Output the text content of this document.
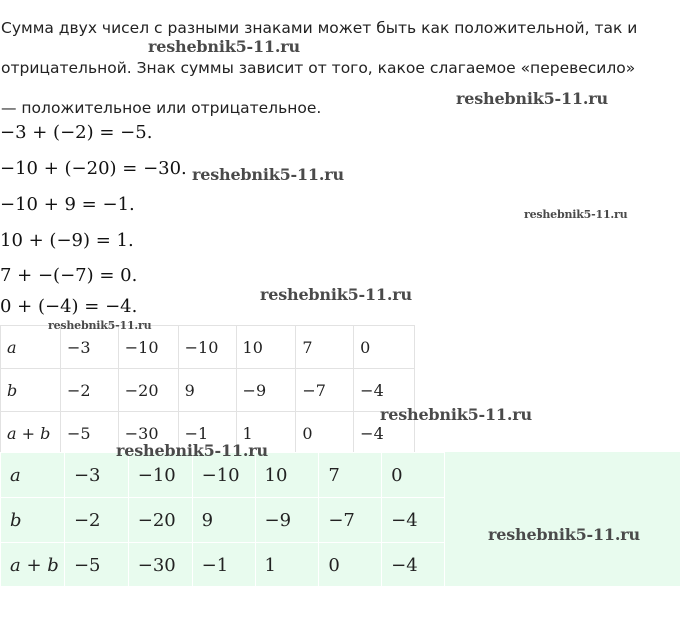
Сумма двух чисел с разными знаками может быть как положительной, так и
отрицательной. Знак суммы зависит от того, какое слагаемое «перевесило»
— положительное или отрицательное.

−3 + (−2) = −5.

−10 + (−20) = −30.

−10 + 9 = −1.

10 + (−9) = 1.

7 + −(−7) = 0.

0 + (−4) = −4.

a	−3	−10	−10	10	7	0
b	−2	−20	9	−9	−7	−4
a + b	−5	−30	−1	1	0	−4
a	−3	−10	−10	10	7	0
b	−2	−20	9	−9	−7	−4
a + b	−5	−30	−1	1	0	−4
reshebnik5-11.ru
reshebnik5-11.ru
reshebnik5-11.ru
reshebnik5-11.ru
reshebnik5-11.ru
reshebnik5-11.ru
reshebnik5-11.ru
reshebnik5-11.ru
reshebnik5-11.ru
